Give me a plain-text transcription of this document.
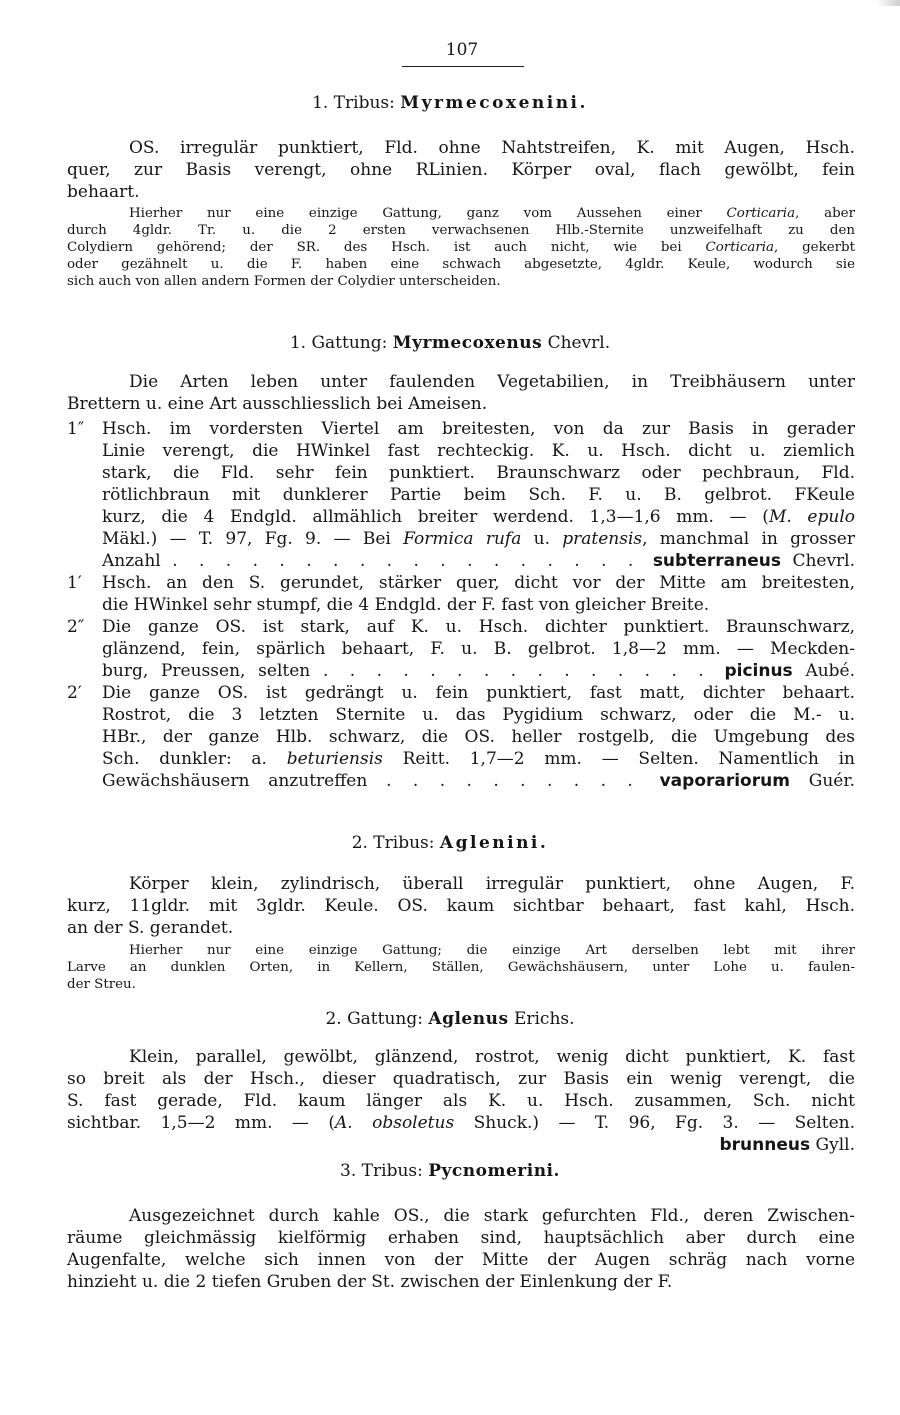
107
1. Tribus: Myrmecoxenini.
OS. irregulär punktiert, Fld. ohne Nahtstreifen, K. mit Augen, Hsch.
quer, zur Basis verengt, ohne RLinien. Körper oval, flach gewölbt, fein
behaart.
Hierher nur eine einzige Gattung, ganz vom Aussehen einer Corticaria, aber
durch 4gldr. Tr. u. die 2 ersten verwachsenen Hlb.-Sternite unzweifelhaft zu den
Colydiern gehörend; der SR. des Hsch. ist auch nicht, wie bei Corticaria, gekerbt
oder gezähnelt u. die F. haben eine schwach abgesetzte, 4gldr. Keule, wodurch sie
sich auch von allen andern Formen der Colydier unterscheiden.
1. Gattung: Myrmecoxenus Chevrl.
Die Arten leben unter faulenden Vegetabilien, in Treibhäusern unter
Brettern u. eine Art ausschliesslich bei Ameisen.
1″ Hsch. im vordersten Viertel am breitesten, von da zur Basis in gerader
Linie verengt, die HWinkel fast rechteckig. K. u. Hsch. dicht u. ziemlich
stark, die Fld. sehr fein punktiert. Braunschwarz oder pechbraun, Fld.
rötlichbraun mit dunklerer Partie beim Sch. F. u. B. gelbrot. FKeule
kurz, die 4 Endgld. allmählich breiter werdend. 1,3—1,6 mm. — (M. epulo
Mäkl.) — T. 97, Fg. 9. — Bei Formica rufa u. pratensis, manchmal in grosser
Anzahl . . . . . . . . . . . . . . . . . . subterraneus Chevrl.
1′ Hsch. an den S. gerundet, stärker quer, dicht vor der Mitte am breitesten,
die HWinkel sehr stumpf, die 4 Endgld. der F. fast von gleicher Breite.
2″ Die ganze OS. ist stark, auf K. u. Hsch. dichter punktiert. Braunschwarz,
glänzend, fein, spärlich behaart, F. u. B. gelbrot. 1,8—2 mm. — Meckden-
burg, Preussen, selten . . . . . . . . . . . . . . . picinus Aubé.
2′ Die ganze OS. ist gedrängt u. fein punktiert, fast matt, dichter behaart.
Rostrot, die 3 letzten Sternite u. das Pygidium schwarz, oder die M.- u.
HBr., der ganze Hlb. schwarz, die OS. heller rostgelb, die Umgebung des
Sch. dunkler: a. beturiensis Reitt. 1,7—2 mm. — Selten. Namentlich in
Gewächshäusern anzutreffen . . . . . . . . . . vaporariorum Guér.
2. Tribus: Aglenini.
Körper klein, zylindrisch, überall irregulär punktiert, ohne Augen, F.
kurz, 11gldr. mit 3gldr. Keule. OS. kaum sichtbar behaart, fast kahl, Hsch.
an der S. gerandet.
Hierher nur eine einzige Gattung; die einzige Art derselben lebt mit ihrer
Larve an dunklen Orten, in Kellern, Ställen, Gewächshäusern, unter Lohe u. faulen-
der Streu.
2. Gattung: Aglenus Erichs.
Klein, parallel, gewölbt, glänzend, rostrot, wenig dicht punktiert, K. fast
so breit als der Hsch., dieser quadratisch, zur Basis ein wenig verengt, die
S. fast gerade, Fld. kaum länger als K. u. Hsch. zusammen, Sch. nicht
sichtbar. 1,5—2 mm. — (A. obsoletus Shuck.) — T. 96, Fg. 3. — Selten.
brunneus Gyll.
3. Tribus: Pycnomerini.
Ausgezeichnet durch kahle OS., die stark gefurchten Fld., deren Zwischen-
räume gleichmässig kielförmig erhaben sind, hauptsächlich aber durch eine
Augenfalte, welche sich innen von der Mitte der Augen schräg nach vorne
hinzieht u. die 2 tiefen Gruben der St. zwischen der Einlenkung der F.
